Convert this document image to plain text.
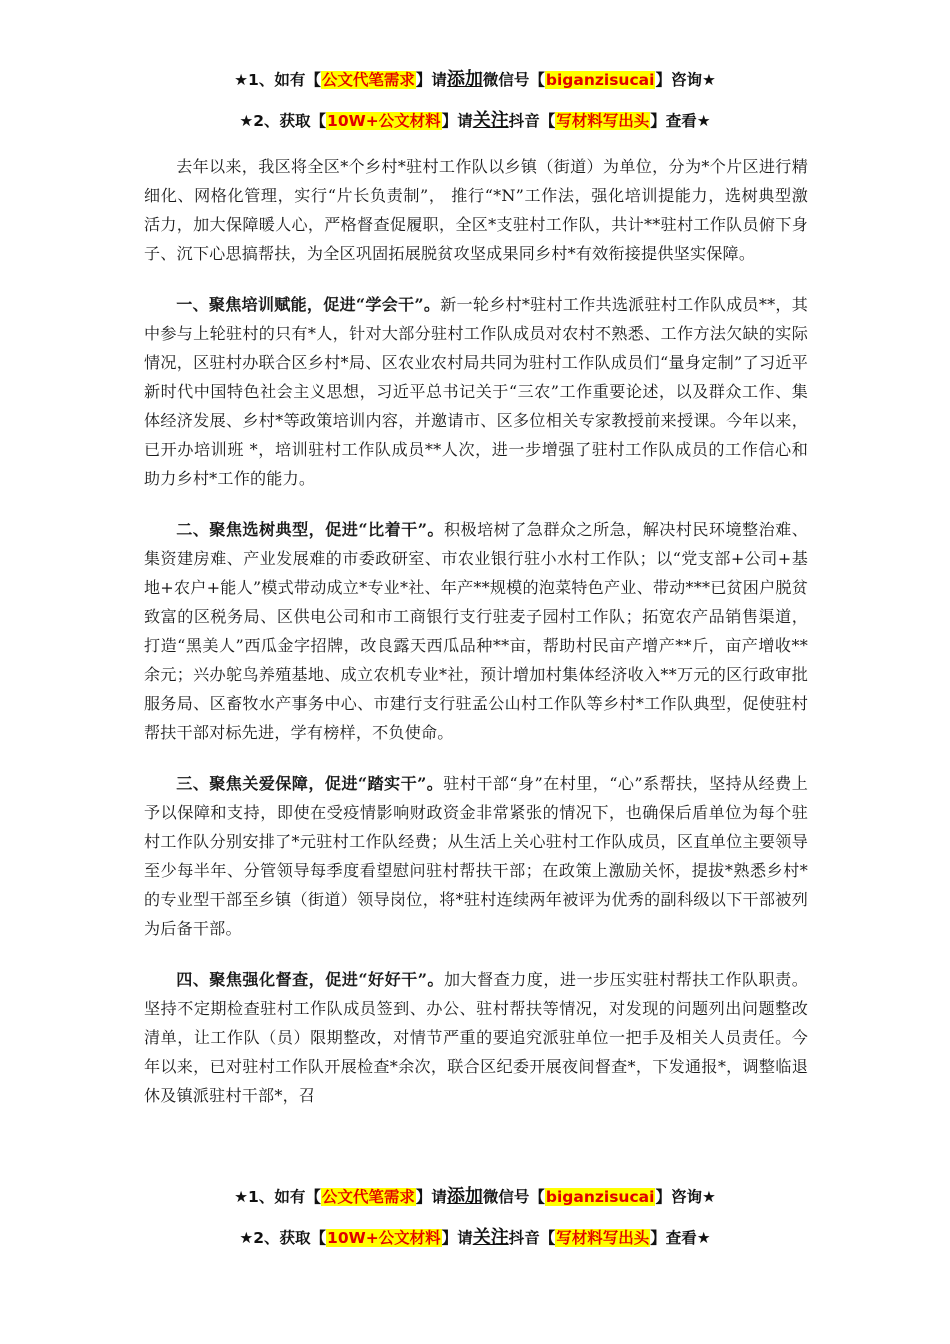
★1、如有【公文代笔需求】请添加微信号【biganzisucai】咨询★
★2、获取【10W+公文材料】请关注抖音【写材料写出头】查看★

去年以来，我区将全区*个乡村*驻村工作队以乡镇（街道）为单位，分为*个片区进行精细化、网格化管理，实行“片长负责制”， 推行“*N”工作法，强化培训提能力，选树典型激活力，加大保障暖人心，严格督查促履职，全区*支驻村工作队，共计**驻村工作队员俯下身子、沉下心思搞帮扶，为全区巩固拓展脱贫攻坚成果同乡村*有效衔接提供坚实保障。

一、聚焦培训赋能，促进“学会干”。新一轮乡村*驻村工作共选派驻村工作队成员**，其中参与上轮驻村的只有*人，针对大部分驻村工作队成员对农村不熟悉、工作方法欠缺的实际情况，区驻村办联合区乡村*局、区农业农村局共同为驻村工作队成员们“量身定制”了习近平新时代中国特色社会主义思想，习近平总书记关于“三农”工作重要论述，以及群众工作、集体经济发展、乡村*等政策培训内容，并邀请市、区多位相关专家教授前来授课。今年以来，已开办培训班 *，培训驻村工作队成员**人次，进一步增强了驻村工作队成员的工作信心和助力乡村*工作的能力。

二、聚焦选树典型，促进“比着干”。积极培树了急群众之所急，解决村民环境整治难、集资建房难、产业发展难的市委政研室、市农业银行驻小水村工作队；以“党支部+公司+基地+农户+能人”模式带动成立*专业*社、年产**规模的泡菜特色产业、带动***已贫困户脱贫致富的区税务局、区供电公司和市工商银行支行驻麦子园村工作队；拓宽农产品销售渠道，打造“黑美人”西瓜金字招牌，改良露天西瓜品种**亩，帮助村民亩产增产**斤，亩产增收**余元；兴办鸵鸟养殖基地、成立农机专业*社，预计增加村集体经济收入**万元的区行政审批服务局、区畜牧水产事务中心、市建行支行驻孟公山村工作队等乡村*工作队典型，促使驻村帮扶干部对标先进，学有榜样，不负使命。

三、聚焦关爱保障，促进“踏实干”。驻村干部“身”在村里，“心”系帮扶，坚持从经费上予以保障和支持，即使在受疫情影响财政资金非常紧张的情况下，也确保后盾单位为每个驻村工作队分别安排了*元驻村工作队经费；从生活上关心驻村工作队成员，区直单位主要领导至少每半年、分管领导每季度看望慰问驻村帮扶干部；在政策上激励关怀，提拔*熟悉乡村*的专业型干部至乡镇（街道）领导岗位，将*驻村连续两年被评为优秀的副科级以下干部被列为后备干部。

四、聚焦强化督查，促进“好好干”。加大督查力度，进一步压实驻村帮扶工作队职责。坚持不定期检查驻村工作队成员签到、办公、驻村帮扶等情况，对发现的问题列出问题整改清单，让工作队（员）限期整改，对情节严重的要追究派驻单位一把手及相关人员责任。今年以来，已对驻村工作队开展检查*余次，联合区纪委开展夜间督查*，下发通报*，调整临退休及镇派驻村干部*，召

★1、如有【公文代笔需求】请添加微信号【biganzisucai】咨询★
★2、获取【10W+公文材料】请关注抖音【写材料写出头】查看★
